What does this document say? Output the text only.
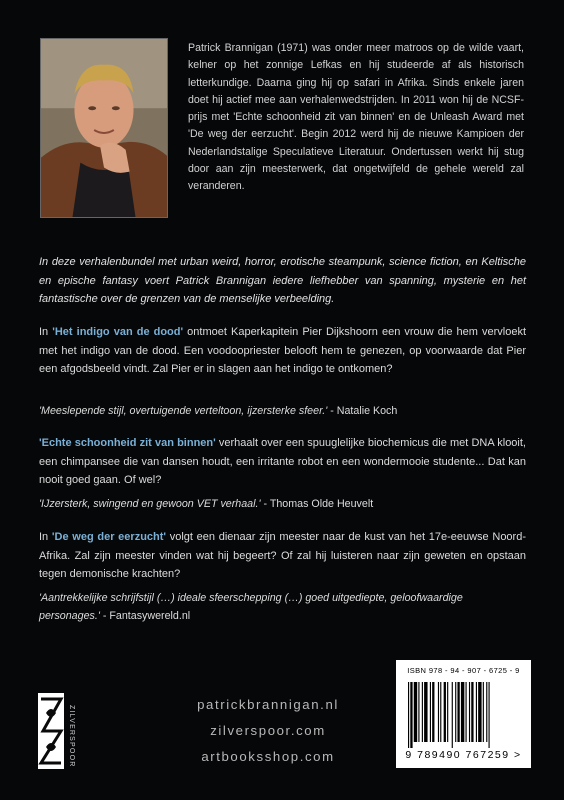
Patrick Brannigan (1971) was onder meer matroos op de wilde vaart, kelner op het zonnige Lefkas en hij studeerde af als historisch letterkundige. Daarna ging hij op safari in Afrika. Sinds enkele jaren doet hij actief mee aan verhalenwedstrijden. In 2011 won hij de NCSF-prijs met 'Echte schoonheid zit van binnen' en de Unleash Award met 'De weg der eerzucht'. Begin 2012 werd hij de nieuwe Kampioen der Nederlandstalige Speculatieve Literatuur. Ondertussen werkt hij stug door aan zijn meesterwerk, dat ongetwijfeld de gehele wereld zal veranderen.
In deze verhalenbundel met urban weird, horror, erotische steampunk, science fiction, en Keltische en epische fantasy voert Patrick Brannigan iedere liefhebber van spanning, mysterie en het fantastische over de grenzen van de menselijke verbeelding.
In 'Het indigo van de dood' ontmoet Kaperkapitein Pier Dijkshoorn een vrouw die hem vervloekt met het indigo van de dood. Een voodoopriester belooft hem te genezen, op voorwaarde dat Pier een afgodsbeeld vindt. Zal Pier er in slagen aan het indigo te ontkomen?
'Meeslepende stijl, overtuigende verteltoon, ijzersterke sfeer.' - Natalie Koch
'Echte schoonheid zit van binnen' verhaalt over een spuuglelijke biochemicus die met DNA klooit, een chimpansee die van dansen houdt, een irritante robot en een wondermooie studente... Dat kan nooit goed gaan. Of wel?
'IJzersterk, swingend en gewoon VET verhaal.' - Thomas Olde Heuvelt
In 'De weg der eerzucht' volgt een dienaar zijn meester naar de kust van het 17e-eeuwse Noord-Afrika. Zal zijn meester vinden wat hij begeert? Of zal hij luisteren naar zijn geweten en opstaan tegen demonische krachten?
'Aantrekkelijke schrijfstijl (…) ideale sfeerschepping (…) goed uitgediepte, geloofwaardige personages.' - Fantasywereld.nl
ZILVERSPOOR
patrickbrannigan.nl
zilverspoor.com
artbooksshop.com
ISBN 978 - 94 - 907 - 6725 - 9
9 789490 767259 >
